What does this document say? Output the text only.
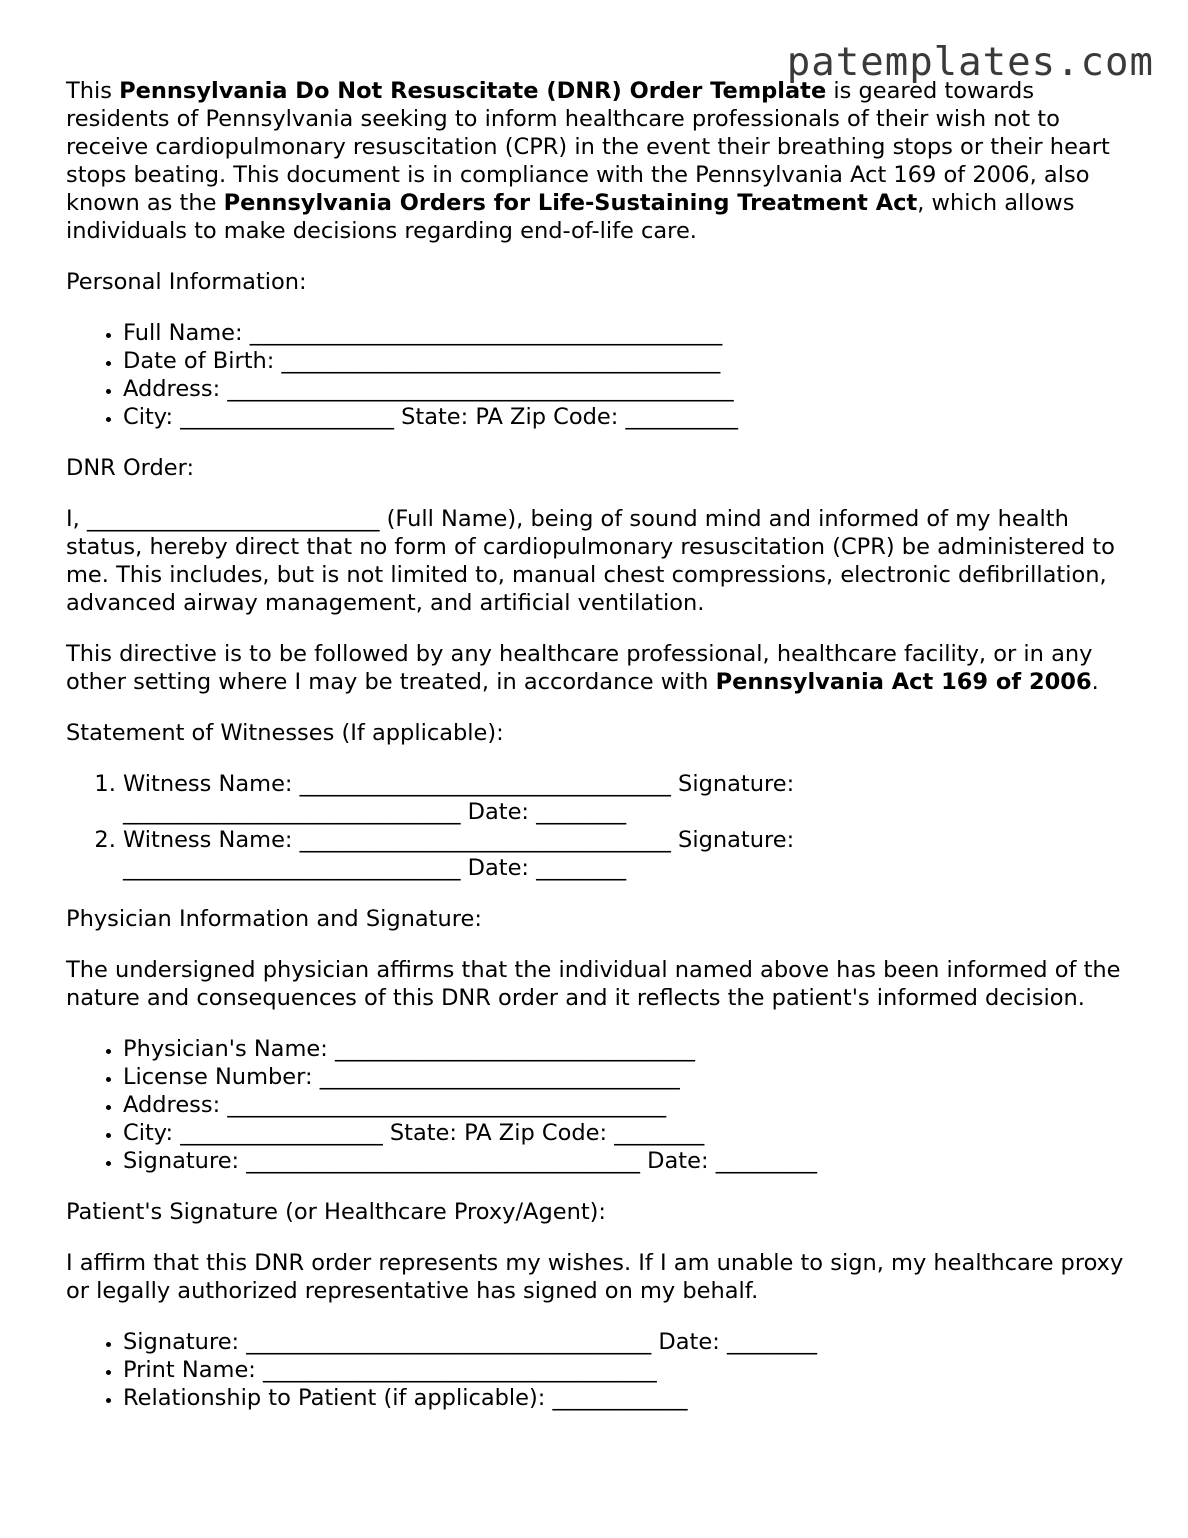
patemplates.com

This Pennsylvania Do Not Resuscitate (DNR) Order Template is geared towards residents of Pennsylvania seeking to inform healthcare professionals of their wish not to receive cardiopulmonary resuscitation (CPR) in the event their breathing stops or their heart stops beating. This document is in compliance with the Pennsylvania Act 169 of 2006, also known as the Pennsylvania Orders for Life-Sustaining Treatment Act, which allows individuals to make decisions regarding end-of-life care.

Personal Information:

• Full Name: __________________________________________
• Date of Birth: _______________________________________
• Address: _____________________________________________
• City: ___________________ State: PA Zip Code: __________

DNR Order:

I, __________________________ (Full Name), being of sound mind and informed of my health status, hereby direct that no form of cardiopulmonary resuscitation (CPR) be administered to me. This includes, but is not limited to, manual chest compressions, electronic defibrillation, advanced airway management, and artificial ventilation.

This directive is to be followed by any healthcare professional, healthcare facility, or in any other setting where I may be treated, in accordance with Pennsylvania Act 169 of 2006.

Statement of Witnesses (If applicable):

1. Witness Name: _________________________________ Signature: ______________________________ Date: ________
2. Witness Name: _________________________________ Signature: ______________________________ Date: ________

Physician Information and Signature:

The undersigned physician affirms that the individual named above has been informed of the nature and consequences of this DNR order and it reflects the patient's informed decision.

• Physician's Name: ________________________________
• License Number: ________________________________
• Address: _______________________________________
• City: __________________ State: PA Zip Code: ________
• Signature: ___________________________________ Date: _________

Patient's Signature (or Healthcare Proxy/Agent):

I affirm that this DNR order represents my wishes. If I am unable to sign, my healthcare proxy or legally authorized representative has signed on my behalf.

• Signature: ____________________________________ Date: ________
• Print Name: ___________________________________
• Relationship to Patient (if applicable): ____________
